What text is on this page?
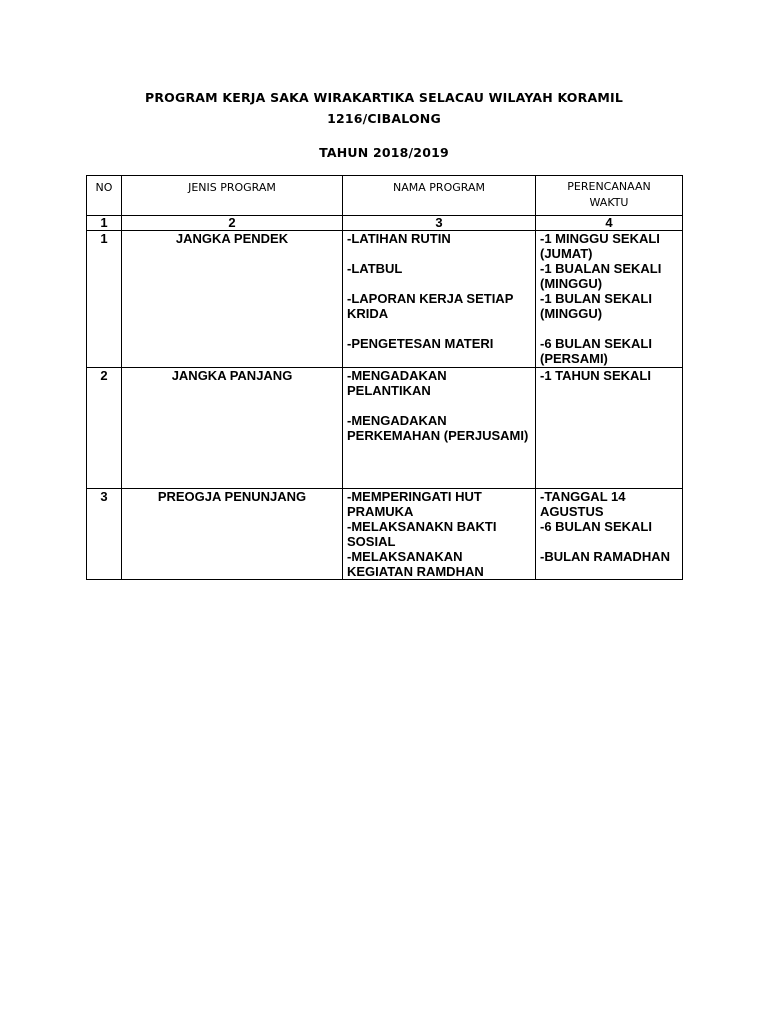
PROGRAM KERJA SAKA WIRAKARTIKA SELACAU WILAYAH KORAMIL
1216/CIBALONG
TAHUN 2018/2019
NO	JENIS PROGRAM	NAMA PROGRAM	PERENCANAAN
WAKTU

1	2	3	4
1	JANGKA PENDEK	-LATIHAN RUTIN
-LATBUL
-LAPORAN KERJA SETIAP KRIDA
-PENGETESAN MATERI	-1 MINGGU SEKALI (JUMAT)
-1 BUALAN SEKALI (MINGGU)
-1 BULAN SEKALI (MINGGU)
-6 BULAN SEKALI (PERSAMI)

2	JANGKA PANJANG	-MENGADAKAN PELANTIKAN
-MENGADAKAN PERKEMAHAN (PERJUSAMI)	-1 TAHUN SEKALI

3	PREOGJA PENUNJANG	-MEMPERINGATI HUT PRAMUKA
-MELAKSANAKN BAKTI SOSIAL
-MELAKSANAKAN KEGIATAN RAMDHAN	-TANGGAL 14 AGUSTUS
-6 BULAN SEKALI
-BULAN RAMADHAN
